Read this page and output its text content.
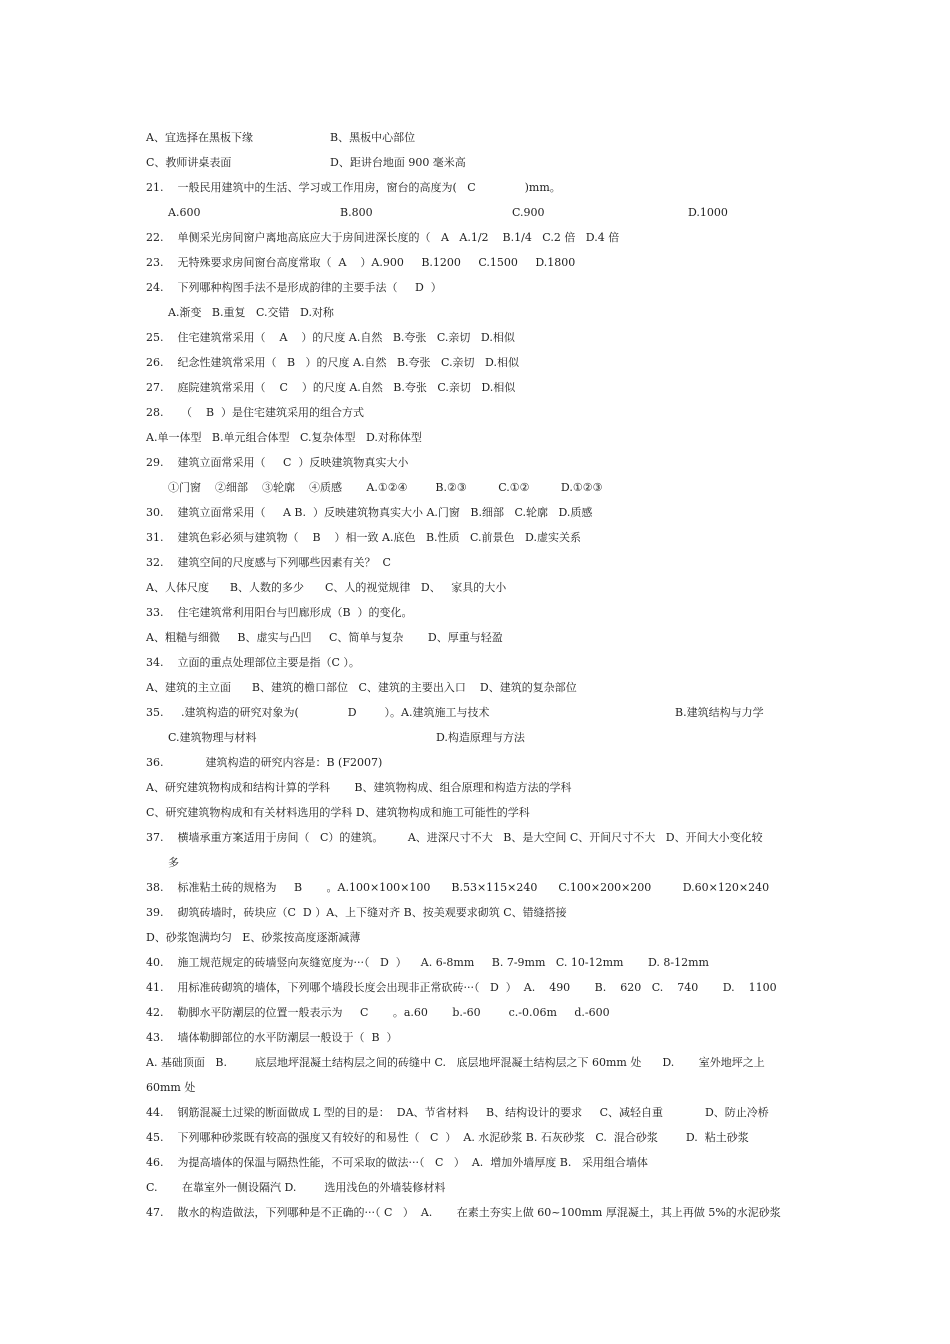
A、宜选择在黑板下缘	B、黑板中心部位
C、教师讲桌表面	D、距讲台地面 900 毫米高
21.    一般民用建筑中的生活、学习或工作用房，窗台的高度为(   C              )mm。
A.600	B.800	C.900	D.1000
22.    单侧采光房间窗户离地高底应大于房间进深长度的（   A   A.1/2    B.1/4   C.2 倍   D.4 倍
23.    无特殊要求房间窗台高度常取（  A    ）A.900     B.1200     C.1500     D.1800
24.    下列哪种构图手法不是形成韵律的主要手法（     D  ）
A.渐变   B.重复   C.交错   D.对称
25.    住宅建筑常采用（    A    ）的尺度 A.自然   B.夸张   C.亲切   D.相似
26.    纪念性建筑常采用（   B   ）的尺度 A.自然   B.夸张   C.亲切   D.相似
27.    庭院建筑常采用（    C    ）的尺度 A.自然   B.夸张   C.亲切   D.相似
28.     （    B  ）是住宅建筑采用的组合方式
A.单一体型   B.单元组合体型   C.复杂体型   D.对称体型
29.    建筑立面常采用（     C  ）反映建筑物真实大小
①门窗    ②细部    ③轮廓    ④质感       A.①②④        B.②③         C.①②         D.①②③
30.    建筑立面常采用（     A B.  ）反映建筑物真实大小 A.门窗   B.细部   C.轮廓   D.质感
31.    建筑色彩必须与建筑物（    B    ）相一致 A.底色   B.性质   C.前景色   D.虚实关系
32.    建筑空间的尺度感与下列哪些因素有关？  C
A、人体尺度      B、人数的多少      C、人的视觉规律   D、   家具的大小
33.    住宅建筑常利用阳台与凹廊形成（B  ）的变化。
A、粗糙与细微     B、虚实与凸凹     C、简单与复杂       D、厚重与轻盈
34.    立面的重点处理部位主要是指（C ）。
A、建筑的主立面      B、建筑的檐口部位   C、建筑的主要出入口    D、建筑的复杂部位
35.     .建筑构造的研究对象为(              D        ）。A.建筑施工与技术	B.建筑结构与力学
C.建筑物理与材料	D.构造原理与方法
36.            建筑构造的研究内容是：B (F2007)
A、研究建筑物构成和结构计算的学科       B、建筑物构成、组合原理和构造方法的学科
C、研究建筑物构成和有关材料选用的学科 D、建筑物构成和施工可能性的学科
37.    横墙承重方案适用于房间（   C）的建筑。       A、进深尺寸不大   B、是大空间 C、开间尺寸不大   D、开间大小变化较
多
38.    标准粘土砖的规格为     B       。A.100×100×100      B.53×115×240      C.100×200×200         D.60×120×240
39.    砌筑砖墙时，砖块应（C  D ）A、上下缝对齐 B、按美观要求砌筑 C、错缝搭接
D、砂浆饱满均匀   E、砂浆按高度逐渐减薄
40.    施工规范规定的砖墙竖向灰缝宽度为···（   D  ）    A. 6-8mm     B. 7-9mm   C. 10-12mm       D. 8-12mm
41.    用标准砖砌筑的墙体，下列哪个墙段长度会出现非正常砍砖···（   D  ）  A.    490       B.    620   C.    740       D.    1100
42.    勒脚水平防潮层的位置一般表示为     C       。a.60       b.-60        c.-0.06m     d.-600
43.    墙体勒脚部位的水平防潮层一般设于（  B  ）
A. 基础顶面   B.        底层地坪混凝土结构层之间的砖缝中 C.   底层地坪混凝土结构层之下 60mm 处      D.       室外地坪之上
60mm 处
44.    钢筋混凝土过梁的断面做成 L 型的目的是：  DA、节省材料     B、结构设计的要求     C、减轻自重            D、防止冷桥
45.    下列哪种砂浆既有较高的强度又有较好的和易性（   C  ）  A. 水泥砂浆 B. 石灰砂浆   C.  混合砂浆        D.  粘土砂浆
46.    为提高墙体的保温与隔热性能，不可采取的做法···（   C   ）  A.  增加外墙厚度 B.   采用组合墙体
C.       在靠室外一侧设隔汽 D.        选用浅色的外墙装修材料
47.    散水的构造做法，下列哪种是不正确的···（ C   ）  A.       在素土夯实上做 60~100mm 厚混凝土，其上再做 5%的水泥砂浆
